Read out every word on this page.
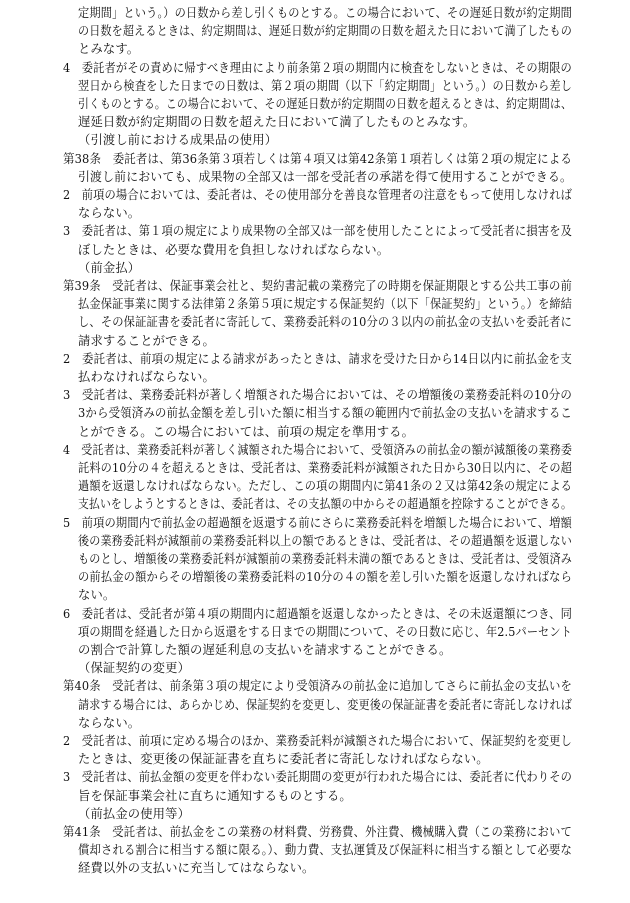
定期間」という。）の日数から差し引くものとする。この場合において、その遅延日数が約定期間

の日数を超えるときは、約定期間は、遅延日数が約定期間の日数を超えた日において満了したもの

とみなす。

4　委託者がその責めに帰すべき理由により前条第２項の期間内に検査をしないときは、その期限の

翌日から検査をした日までの日数は、第２項の期間（以下「約定期間」という。）の日数から差し

引くものとする。この場合において、その遅延日数が約定期間の日数を超えるときは、約定期間は、

遅延日数が約定期間の日数を超えた日において満了したものとみなす。

（引渡し前における成果品の使用）

第38条　委託者は、第36条第３項若しくは第４項又は第42条第１項若しくは第２項の規定による

引渡し前においても、成果物の全部又は一部を受託者の承諾を得て使用することができる。

2　前項の場合においては、委託者は、その使用部分を善良な管理者の注意をもって使用しなければ

ならない。

3　委託者は、第１項の規定により成果物の全部又は一部を使用したことによって受託者に損害を及

ぼしたときは、必要な費用を負担しなければならない。

（前金払）

第39条　受託者は、保証事業会社と、契約書記載の業務完了の時期を保証期限とする公共工事の前

払金保証事業に関する法律第２条第５項に規定する保証契約（以下「保証契約」という。）を締結

し、その保証証書を委託者に寄託して、業務委託料の10分の３以内の前払金の支払いを委託者に

請求することができる。

2　委託者は、前項の規定による請求があったときは、請求を受けた日から14日以内に前払金を支

払わなければならない。

3　受託者は、業務委託料が著しく増額された場合においては、その増額後の業務委託料の10分の

3から受領済みの前払金額を差し引いた額に相当する額の範囲内で前払金の支払いを請求するこ

とができる。この場合においては、前項の規定を準用する。

4　受託者は、業務委託料が著しく減額された場合において、受領済みの前払金の額が減額後の業務委

託料の10分の４を超えるときは、受託者は、業務委託料が減額された日から30日以内に、その超

過額を返還しなければならない。ただし、この項の期間内に第41条の２又は第42条の規定による

支払いをしようとするときは、委託者は、その支払額の中からその超過額を控除することができる。

5　前項の期間内で前払金の超過額を返還する前にさらに業務委託料を増額した場合において、増額

後の業務委託料が減額前の業務委託料以上の額であるときは、受託者は、その超過額を返還しない

ものとし、増額後の業務委託料が減額前の業務委託料未満の額であるときは、受託者は、受領済み

の前払金の額からその増額後の業務委託料の10分の４の額を差し引いた額を返還しなければなら

ない。

6　委託者は、受託者が第４項の期間内に超過額を返還しなかったときは、その未返還額につき、同

項の期間を経過した日から返還をする日までの期間について、その日数に応じ、年2.5パーセント

の割合で計算した額の遅延利息の支払いを請求することができる。

（保証契約の変更）

第40条　受託者は、前条第３項の規定により受領済みの前払金に追加してさらに前払金の支払いを

請求する場合には、あらかじめ、保証契約を変更し、変更後の保証証書を委託者に寄託しなければ

ならない。

2　受託者は、前項に定める場合のほか、業務委託料が減額された場合において、保証契約を変更し

たときは、変更後の保証証書を直ちに委託者に寄託しなければならない。

3　受託者は、前払金額の変更を伴わない委託期間の変更が行われた場合には、委託者に代わりその

旨を保証事業会社に直ちに通知するものとする。

（前払金の使用等）

第41条　受託者は、前払金をこの業務の材料費、労務費、外注費、機械購入費（この業務において

償却される割合に相当する額に限る。）、動力費、支払運賃及び保証料に相当する額として必要な

経費以外の支払いに充当してはならない。
